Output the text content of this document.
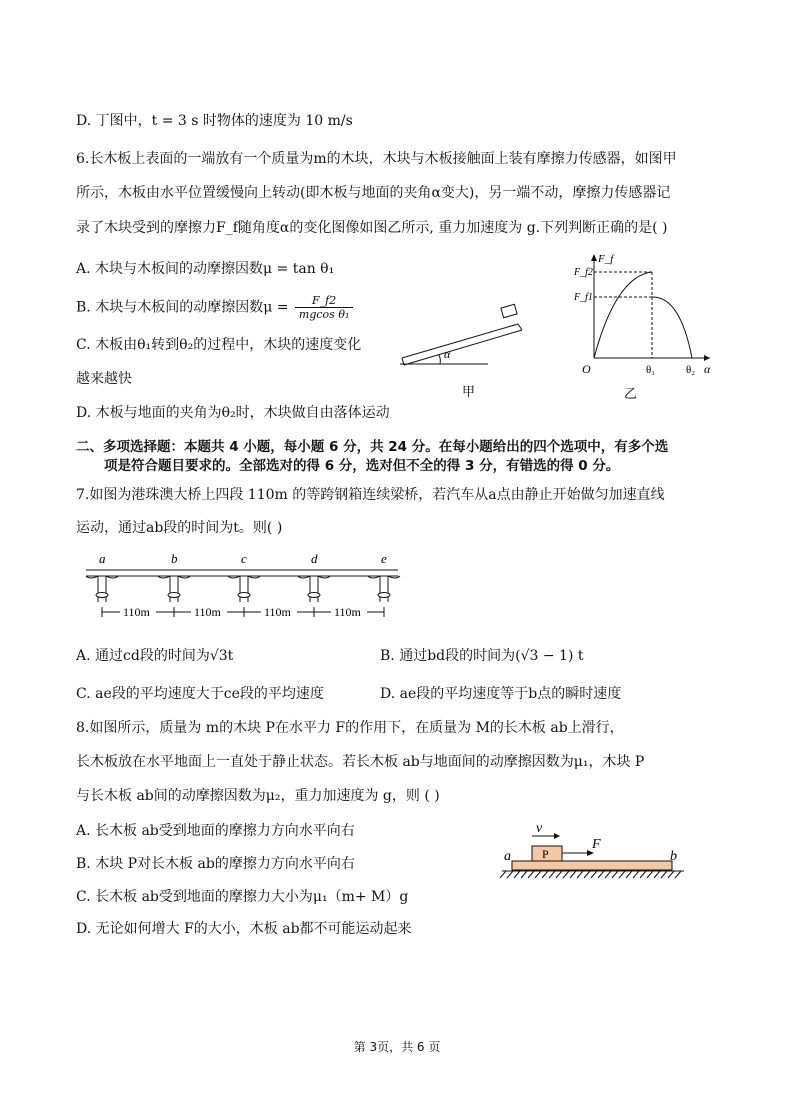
D. 丁图中，t = 3 s 时物体的速度为 10 m/s
6.长木板上表面的一端放有一个质量为m的木块，木块与木板接触面上装有摩擦力传感器，如图甲
所示，木板由水平位置缓慢向上转动(即木板与地面的夹角α变大)，另一端不动，摩擦力传感器记
录了木块受到的摩擦力F_f随角度α的变化图像如图乙所示, 重力加速度为 g.下列判断正确的是( )
A. 木块与木板间的动摩擦因数μ = tan θ₁
B. 木块与木板间的动摩擦因数$\mu = \frac{F\_f2}{\text{mgcos θ₁}}$
C. 木板由θ₁转到θ₂的过程中，木块的速度变化
越来越快
D. 木板与地面的夹角为θ₂时，木块做自由落体运动
α
甲
F_f
α
O
F_f2
F_f1
θ₁	θ₂
乙
二、多项选择题：本题共 4 小题，每小题 6 分，共 24 分。在每小题给出的四个选项中，有多个选
项是符合题目要求的。全部选对的得 6 分，选对但不全的得 3 分，有错选的得 0 分。
7.如图为港珠澳大桥上四段 110m 的等跨钢箱连续梁桥，若汽车从a点由静止开始做匀加速直线
运动，通过ab段的时间为t。则( )
a	b	c	d	e
110m	110m	110m	110m
A. 通过cd段的时间为√3t	B. 通过bd段的时间为(√3 − 1) t
C. ae段的平均速度大于ce段的平均速度	D. ae段的平均速度等于b点的瞬时速度
8.如图所示，质量为 m的木块 P在水平力 F的作用下，在质量为 M的长木板 ab上滑行，
长木板放在水平地面上一直处于静止状态。若长木板 ab与地面间的动摩擦因数为μ₁，木块 P
与长木板 ab间的动摩擦因数为μ₂，重力加速度为 g，则 ( )
A. 长木板 ab受到地面的摩擦力方向水平向右
B. 木块 P对长木板 ab的摩擦力方向水平向右
C. 长木板 ab受到地面的摩擦力大小为μ₁（m+ M）g
D. 无论如何增大 F的大小，木板 ab都不可能运动起来
v
P
F
a	b
第 3页，共 6 页
